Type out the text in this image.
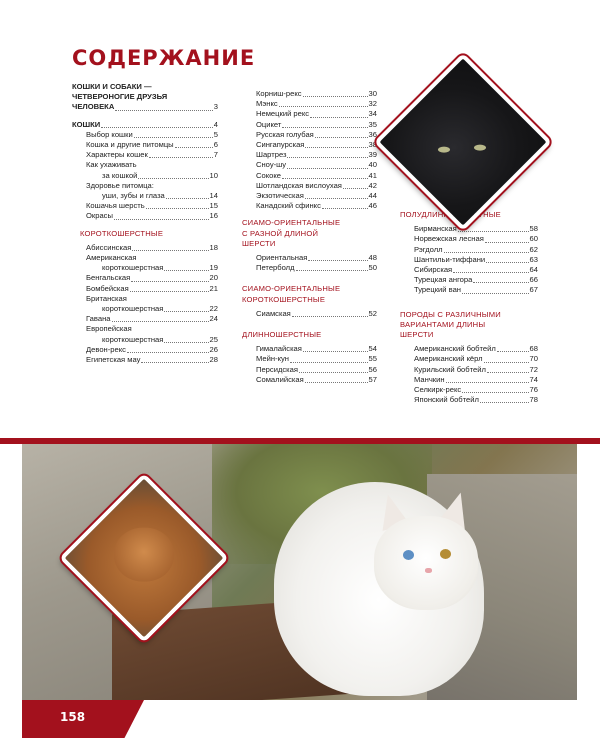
СОДЕРЖАНИЕ
КОШКИ И СОБАКИ —
ЧЕТВЕРОНОГИЕ ДРУЗЬЯ
ЧЕЛОВЕКА	3
КОШКИ	4
Выбор кошки	5
Кошка и другие питомцы	6
Характеры кошек	7
Как ухаживать
за кошкой	10
Здоровье питомца:
уши, зубы и глаза	14
Кошачья шерсть	15
Окрасы	16
КОРОТКОШЕРСТНЫЕ
Абиссинская	18
Американская
короткошерстная	19
Бенгальская	20
Бомбейская	21
Британская
короткошерстная	22
Гавана	24
Европейская
короткошерстная	25
Девон-рекс	26
Египетская мау	28
Корниш-рекс	30
Мэнкс	32
Немецкий рекс	34
Оцикет	35
Русская голубая	36
Сингапурская	38
Шартрез	39
Сноу-шу	40
Сококе	41
Шотландская вислоухая	42
Экзотическая	44
Канадский сфинкс	46
СИАМО-ОРИЕНТАЛЬНЫЕ
С РАЗНОЙ ДЛИНОЙ
ШЕРСТИ
Ориентальная	48
Петерболд	50
СИАМО-ОРИЕНТАЛЬНЫЕ
КОРОТКОШЕРСТНЫЕ
Сиамская	52
ДЛИННОШЕРСТНЫЕ
Гималайская	54
Мейн-кун	55
Персидская	56
Сомалийская	57
ПОЛУДЛИННОШЕРСТНЫЕ
Бирманская	58
Норвежская лесная	60
Рэгдолл	62
Шантильи-тиффани	63
Сибирская	64
Турецкая ангора	66
Турецкий ван	67
ПОРОДЫ С РАЗЛИЧНЫМИ
ВАРИАНТАМИ ДЛИНЫ
ШЕРСТИ
Американский бобтейл	68
Американский кёрл	70
Курильский бобтейл	72
Манчкин	74
Селкирк-рекс	76
Японский бобтейл	78
158
